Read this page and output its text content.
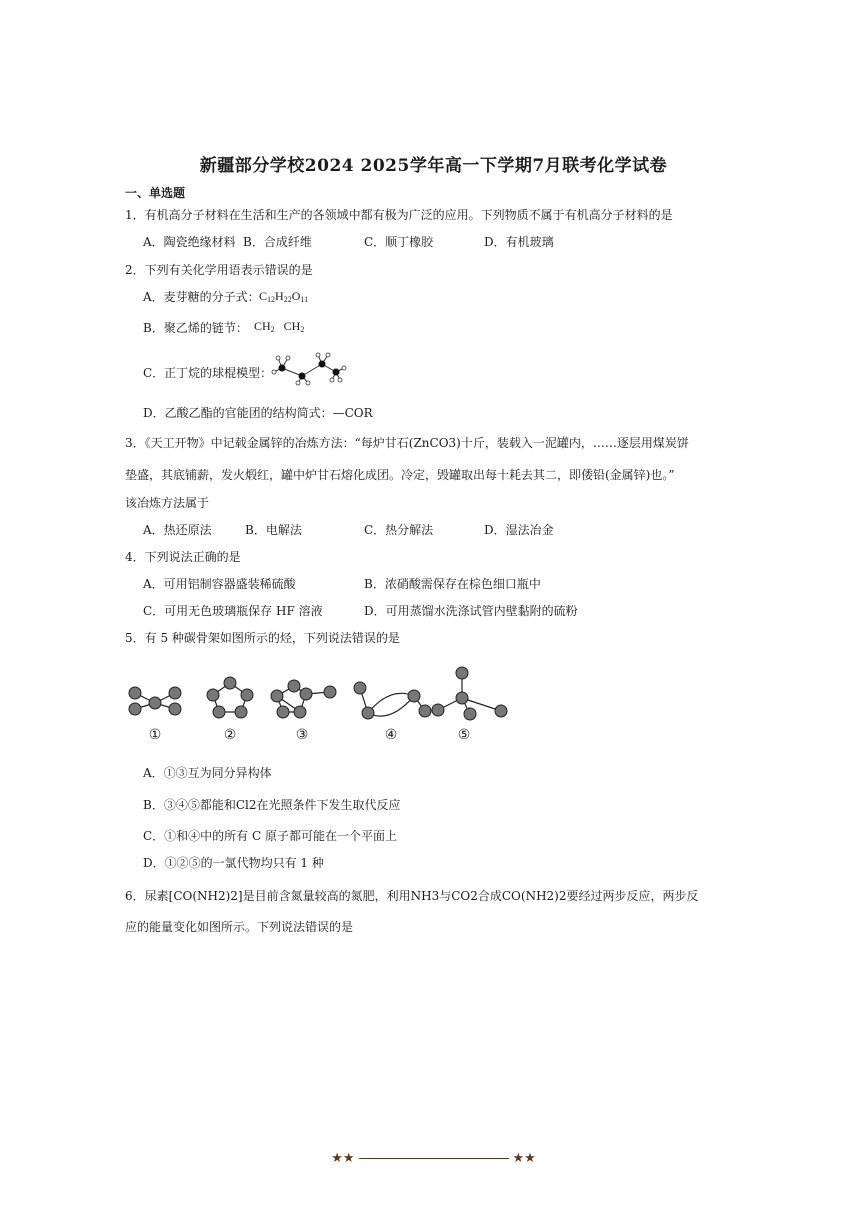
新疆部分学校2024 2025学年高一下学期7月联考化学试卷
一、单选题
1．有机高分子材料在生活和生产的各领域中都有极为广泛的应用。下列物质不属于有机高分子材料的是
A．陶瓷绝缘材料 B．合成纤维	C．顺丁橡胶	D．有机玻璃
2．下列有关化学用语表示错误的是
A．麦芽糖的分子式： $C_{12}H_{22}O_{11}$
B．聚乙烯的链节： $CH_2$   $CH_2$
C．正丁烷的球棍模型：
D．乙酸乙酯的官能团的结构简式：—COR
3．《天工开物》中记载金属锌的冶炼方法：“每炉甘石(ZnCO3)十斤，装载入一泥罐内，……逐层用煤炭饼
垫盛，其底铺薪，发火煅红，罐中炉甘石熔化成团。冷定，毁罐取出每十耗去其二，即倭铅(金属锌)也。”
该冶炼方法属于
A．热还原法	B．电解法	C．热分解法	D．湿法冶金
4．下列说法正确的是
A．可用铝制容器盛装稀硫酸	B．浓硝酸需保存在棕色细口瓶中
C．可用无色玻璃瓶保存 HF 溶液	D．可用蒸馏水洗涤试管内壁黏附的硫粉
5．有 5 种碳骨架如图所示的烃，下列说法错误的是
①	②	③	④	⑤
A．①③互为同分异构体
B．③④⑤都能和Cl2在光照条件下发生取代反应
C．①和④中的所有 C 原子都可能在一个平面上
D．①②⑤的一氯代物均只有 1 种
6．尿素[CO(NH2)2]是目前含氮量较高的氮肥，利用NH3与CO2合成CO(NH2)2要经过两步反应，两步反
应的能量变化如图所示。下列说法错误的是
★★	★★
